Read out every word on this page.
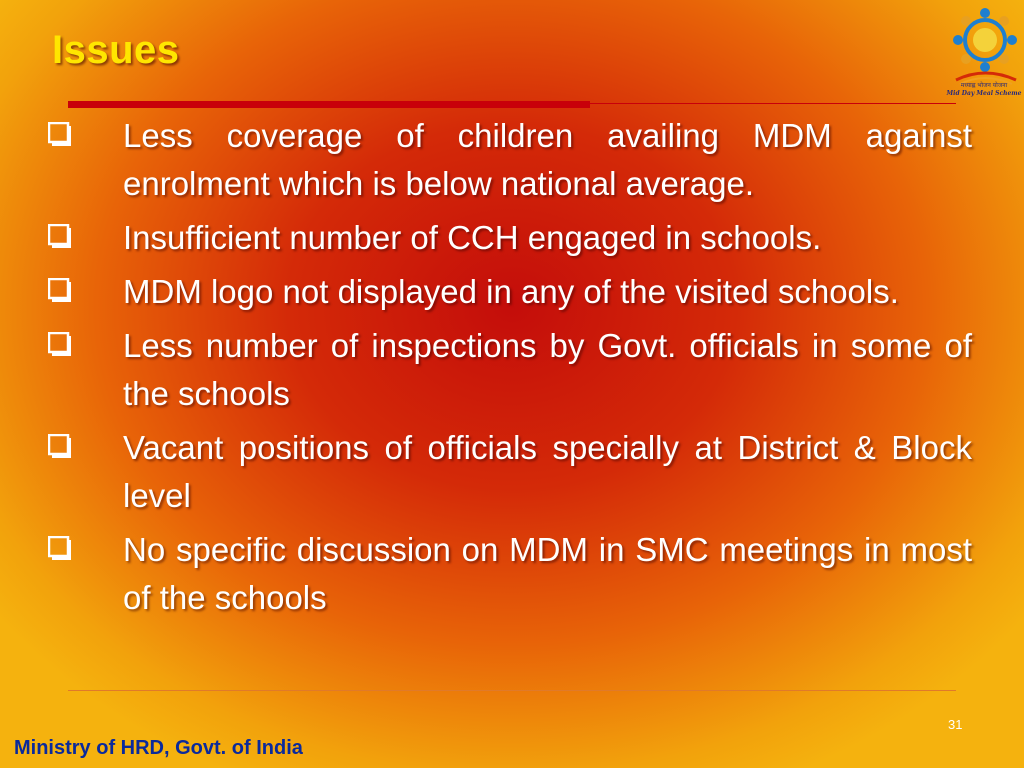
Issues
मध्याह्न भोजन योजना
Mid Day Meal Scheme
Less coverage of children availing MDM against enrolment which is below national average.
Insufficient number of CCH engaged in schools.
MDM logo not displayed in any of the visited schools.
Less number of inspections by Govt. officials in some of the schools
Vacant positions of officials specially at District & Block level
No specific discussion on MDM in SMC meetings in most of the schools
31
Ministry of HRD, Govt. of India
